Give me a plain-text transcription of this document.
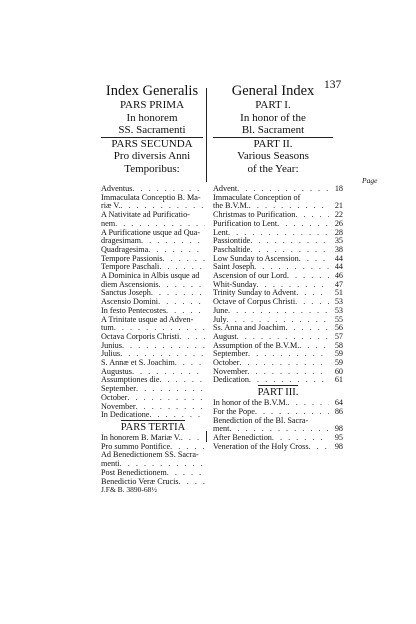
137
Index Generalis
PARS PRIMA
In honorem
SS. Sacramenti
PARS SECUNDA
Pro diversis Anni
Temporibus:
General Index
PART I.
In honor of the
Bl. Sacrament
PART II.
Various Seasons
of the Year:
Page
Adventus
. . .
Immaculata Conceptio B. Ma-
riæ V.
. . .
A Nativitate ad Purificatio-
nem
. . .
A Purificatione usque ad Qua-
dragesimam
. . .
Quadragesima
. . .
Tempore Passionis
. . .
Tempore Paschali
. . .
A Dominica in Albis usque ad
diem Ascensionis
. . .
Sanctus Joseph
. . .
Ascensio Domini
. . .
In festo Pentecostes
. . .
A Trinitate usque ad Adven-
tum
. . .
Octava Corporis Christi
. . .
Junius
. . .
Julius
. . .
S. Annæ et S. Joachim
. . .
Augustus
. . .
Assumptiones die
. . .
September
. . .
October
. . .
November
. . .
In Dedicatione
. . .
PARS TERTIA
In honorem B. Mariæ V.
. . .
Pro summo Pontifice
. . .
Ad Benedictionem SS. Sacra-
menti
. . .
Post Benedictionem
. . .
Benedictio Veræ Crucis
. . .
J.F& B. 3890-68½
Advent . . .	18
Immaculate Conception of
the B.V.M. . . .	21
Christmas to Purification . . .	22
Purification to Lent . . .	26
Lent . . .	28
Passiontide . . .	35
Paschaltide . . .	38
Low Sunday to Ascension . . .	44
Saint Joseph . . .	44
Ascension of our Lord . . .	46
Whit-Sunday . . .	47
Trinity Sunday to Advent . . .	51
Octave of Corpus Christi . . .	53
June . . .	53
July . . .	55
Ss. Anna and Joachim . . .	56
August . . .	57
Assumption of the B.V.M. . . .	58
September . . .	59
October . . .	59
November . . .	60
Dedication . . .	61
PART III.
In honor of the B.V.M. . . .	64
For the Pope . . .	86
Benediction of the Bl. Sacra-
ment . . .	98
After Benediction . . .	95
Veneration of the Holy Cross . . .	98
